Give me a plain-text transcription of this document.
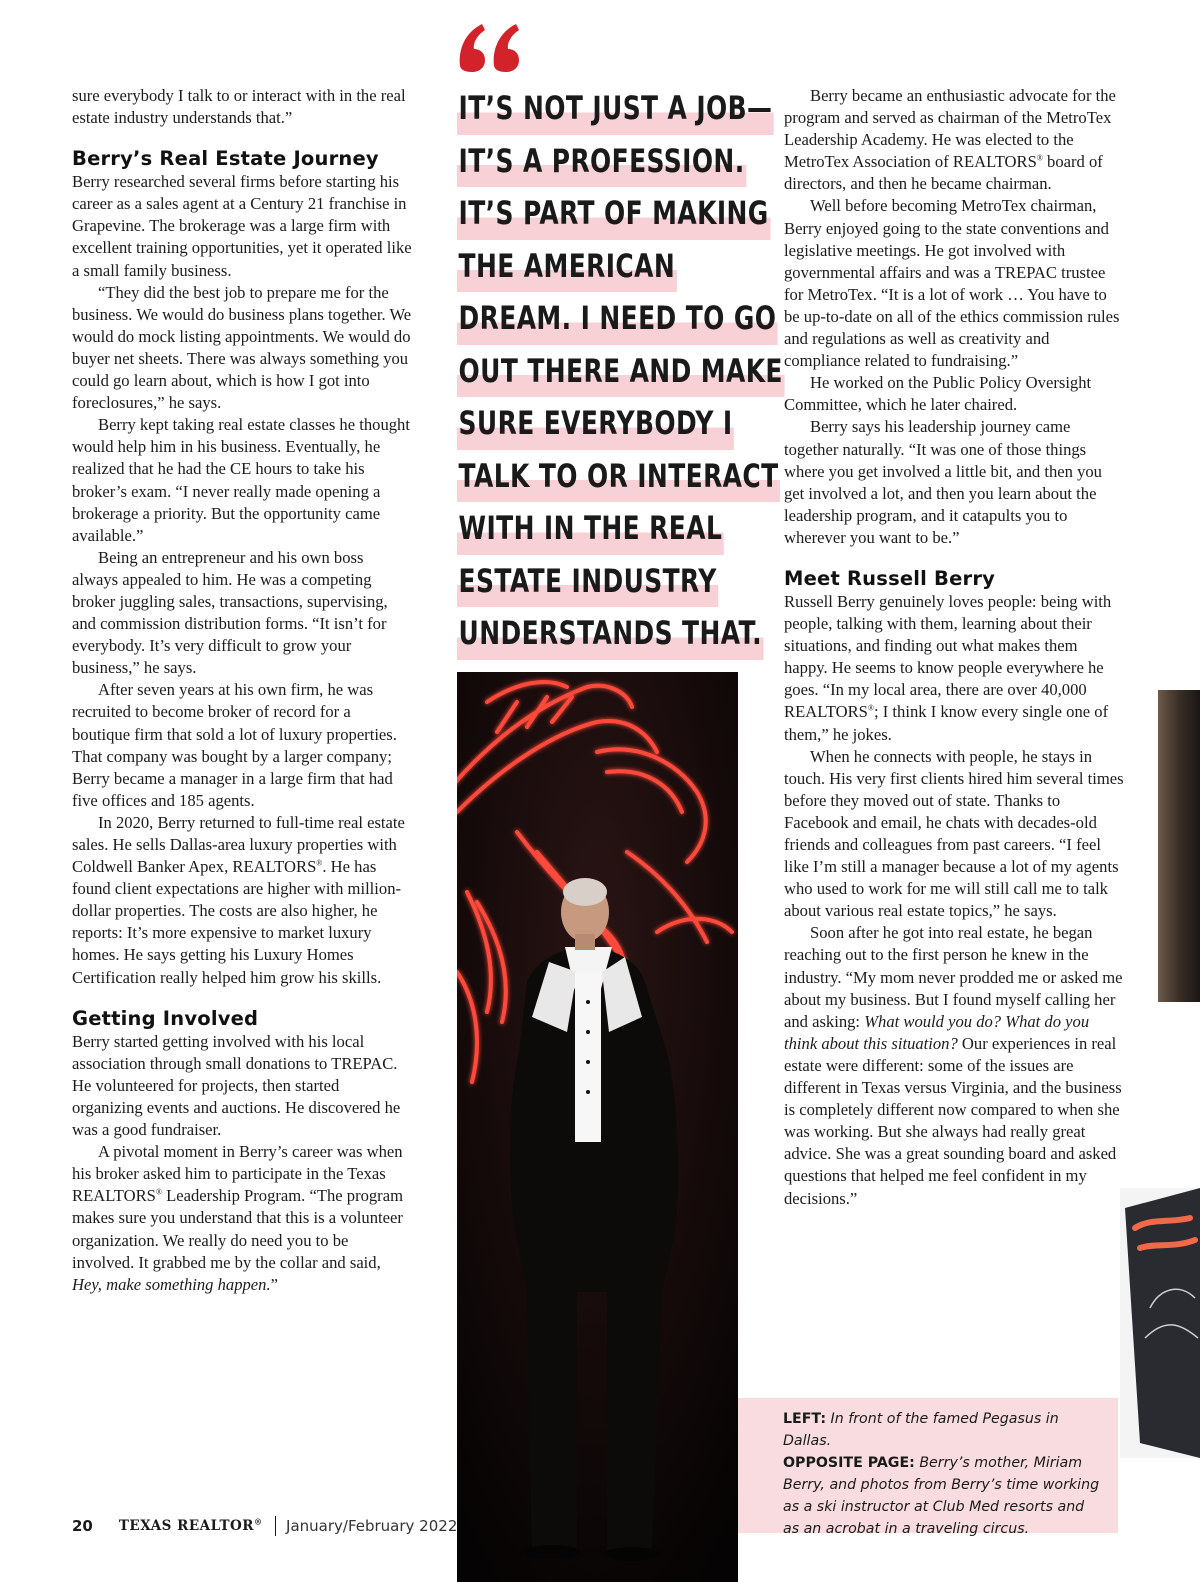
sure everybody I talk to or interact with in the real estate industry understands that.”

Berry’s Real Estate Journey

Berry researched several firms before starting his career as a sales agent at a Century 21 franchise in Grapevine. The brokerage was a large firm with excellent training opportunities, yet it operated like a small family business.

“They did the best job to prepare me for the business. We would do business plans together. We would do mock listing appointments. We would do buyer net sheets. There was always something you could go learn about, which is how I got into foreclosures,” he says.

Berry kept taking real estate classes he thought would help him in his business. Eventually, he realized that he had the CE hours to take his broker’s exam. “I never really made opening a brokerage a priority. But the opportunity came available.”

Being an entrepreneur and his own boss always appealed to him. He was a competing broker juggling sales, transactions, supervising, and commission distribution forms. “It isn’t for everybody. It’s very difficult to grow your business,” he says.

After seven years at his own firm, he was recruited to become broker of record for a boutique firm that sold a lot of luxury properties. That company was bought by a larger company; Berry became a manager in a large firm that had five offices and 185 agents.

In 2020, Berry returned to full-time real estate sales. He sells Dallas-area luxury properties with Coldwell Banker Apex, REALTORS®. He has found client expectations are higher with million-dollar properties. The costs are also higher, he reports: It’s more expensive to market luxury homes. He says getting his Luxury Homes Certification really helped him grow his skills.

Getting Involved

Berry started getting involved with his local association through small donations to TREPAC. He volunteered for projects, then started organizing events and auctions. He discovered he was a good fundraiser.

A pivotal moment in Berry’s career was when his broker asked him to participate in the Texas REALTORS® Leadership Program. “The program makes sure you understand that this is a volunteer organization. We really do need you to be involved. It grabbed me by the collar and said, Hey, make something happen.”

IT’S NOT JUST A JOB—
IT’S A PROFESSION.
IT’S PART OF MAKING
THE AMERICAN
DREAM. I NEED TO GO
OUT THERE AND MAKE
SURE EVERYBODY I
TALK TO OR INTERACT
WITH IN THE REAL
ESTATE INDUSTRY
UNDERSTANDS THAT.

Berry became an enthusiastic advocate for the program and served as chairman of the MetroTex Leadership Academy. He was elected to the MetroTex Association of REALTORS® board of directors, and then he became chairman.

Well before becoming MetroTex chairman, Berry enjoyed going to the state conventions and legislative meetings. He got involved with governmental affairs and was a TREPAC trustee for MetroTex. “It is a lot of work … You have to be up-to-date on all of the ethics commission rules and regulations as well as creativity and compliance related to fundraising.”

He worked on the Public Policy Oversight Committee, which he later chaired.

Berry says his leadership journey came together naturally. “It was one of those things where you get involved a little bit, and then you get involved a lot, and then you learn about the leadership program, and it catapults you to wherever you want to be.”

Meet Russell Berry

Russell Berry genuinely loves people: being with people, talking with them, learning about their situations, and finding out what makes them happy. He seems to know people everywhere he goes. “In my local area, there are over 40,000 REALTORS®; I think I know every single one of them,” he jokes.

When he connects with people, he stays in touch. His very first clients hired him several times before they moved out of state. Thanks to Facebook and email, he chats with decades-old friends and colleagues from past careers. “I feel like I’m still a manager because a lot of my agents who used to work for me will still call me to talk about various real estate topics,” he says.

Soon after he got into real estate, he began reaching out to the first person he knew in the industry. “My mom never prodded me or asked me about my business. But I found myself calling her and asking: What would you do? What do you think about this situation? Our experiences in real estate were different: some of the issues are different in Texas versus Virginia, and the business is completely different now compared to when she was working. But she always had really great advice. She was a great sounding board and asked questions that helped me feel confident in my decisions.”

LEFT: In front of the famed Pegasus in Dallas.
OPPOSITE PAGE: Berry’s mother, Miriam Berry, and photos from Berry’s time working as a ski instructor at Club Med resorts and as an acrobat in a traveling circus.
20 TEXAS REALTOR® January/February 2022
